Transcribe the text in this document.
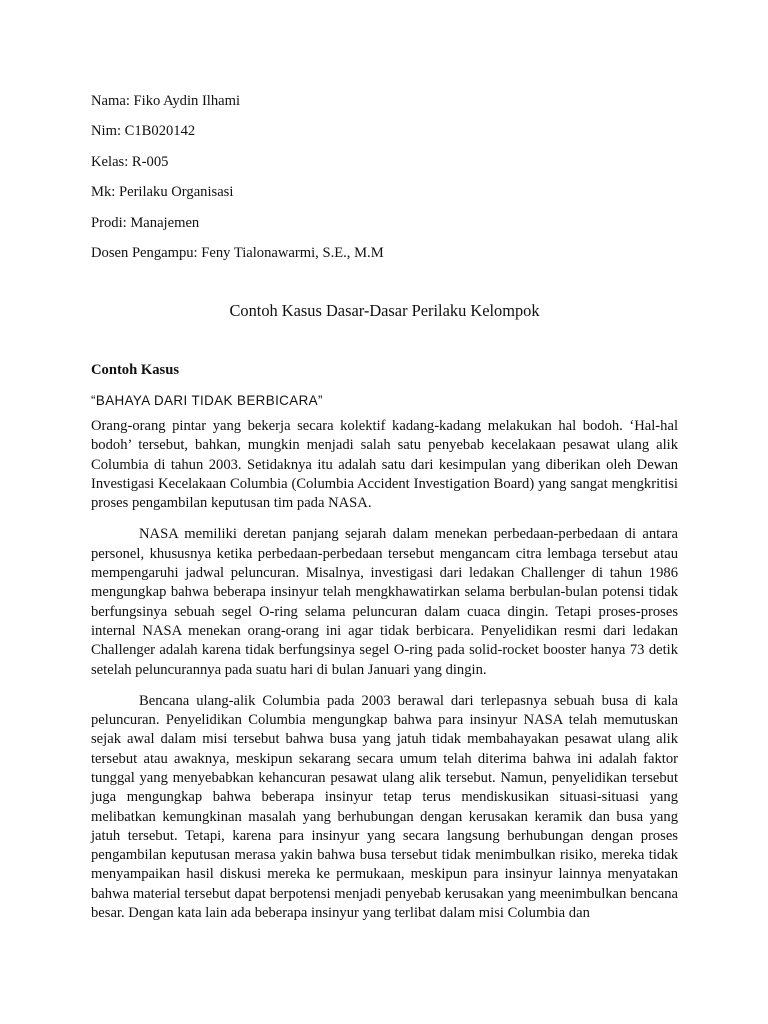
Nama: Fiko Aydin Ilhami

Nim: C1B020142

Kelas: R-005

Mk: Perilaku Organisasi

Prodi: Manajemen

Dosen Pengampu: Feny Tialonawarmi, S.E., M.M

Contoh Kasus Dasar-Dasar Perilaku Kelompok
Contoh Kasus

“BAHAYA DARI TIDAK BERBICARA”

Orang-orang pintar yang bekerja secara kolektif kadang-kadang melakukan hal bodoh. ‘Hal-hal bodoh’ tersebut, bahkan, mungkin menjadi salah satu penyebab kecelakaan pesawat ulang alik Columbia di tahun 2003. Setidaknya itu adalah satu dari kesimpulan yang diberikan oleh Dewan Investigasi Kecelakaan Columbia (Columbia Accident Investigation Board) yang sangat mengkritisi proses pengambilan keputusan tim pada NASA.

NASA memiliki deretan panjang sejarah dalam menekan perbedaan-perbedaan di antara personel, khususnya ketika perbedaan-perbedaan tersebut mengancam citra lembaga tersebut atau mempengaruhi jadwal peluncuran. Misalnya, investigasi dari ledakan Challenger di tahun 1986 mengungkap bahwa beberapa insinyur telah mengkhawatirkan selama berbulan-bulan potensi tidak berfungsinya sebuah segel O-ring selama peluncuran dalam cuaca dingin. Tetapi proses-proses internal NASA menekan orang-orang ini agar tidak berbicara. Penyelidikan resmi dari ledakan Challenger adalah karena tidak berfungsinya segel O-ring pada solid-rocket booster hanya 73 detik setelah peluncurannya pada suatu hari di bulan Januari yang dingin.

Bencana ulang-alik Columbia pada 2003 berawal dari terlepasnya sebuah busa di kala peluncuran. Penyelidikan Columbia mengungkap bahwa para insinyur NASA telah memutuskan sejak awal dalam misi tersebut bahwa busa yang jatuh tidak membahayakan pesawat ulang alik tersebut atau awaknya, meskipun sekarang secara umum telah diterima bahwa ini adalah faktor tunggal yang menyebabkan kehancuran pesawat ulang alik tersebut. Namun, penyelidikan tersebut juga mengungkap bahwa beberapa insinyur tetap terus mendiskusikan situasi-situasi yang melibatkan kemungkinan masalah yang berhubungan dengan kerusakan keramik dan busa yang jatuh tersebut. Tetapi, karena para insinyur yang secara langsung berhubungan dengan proses pengambilan keputusan merasa yakin bahwa busa tersebut tidak menimbulkan risiko, mereka tidak menyampaikan hasil diskusi mereka ke permukaan, meskipun para insinyur lainnya menyatakan bahwa material tersebut dapat berpotensi menjadi penyebab kerusakan yang meenimbulkan bencana besar. Dengan kata lain ada beberapa insinyur yang terlibat dalam misi Columbia dan
